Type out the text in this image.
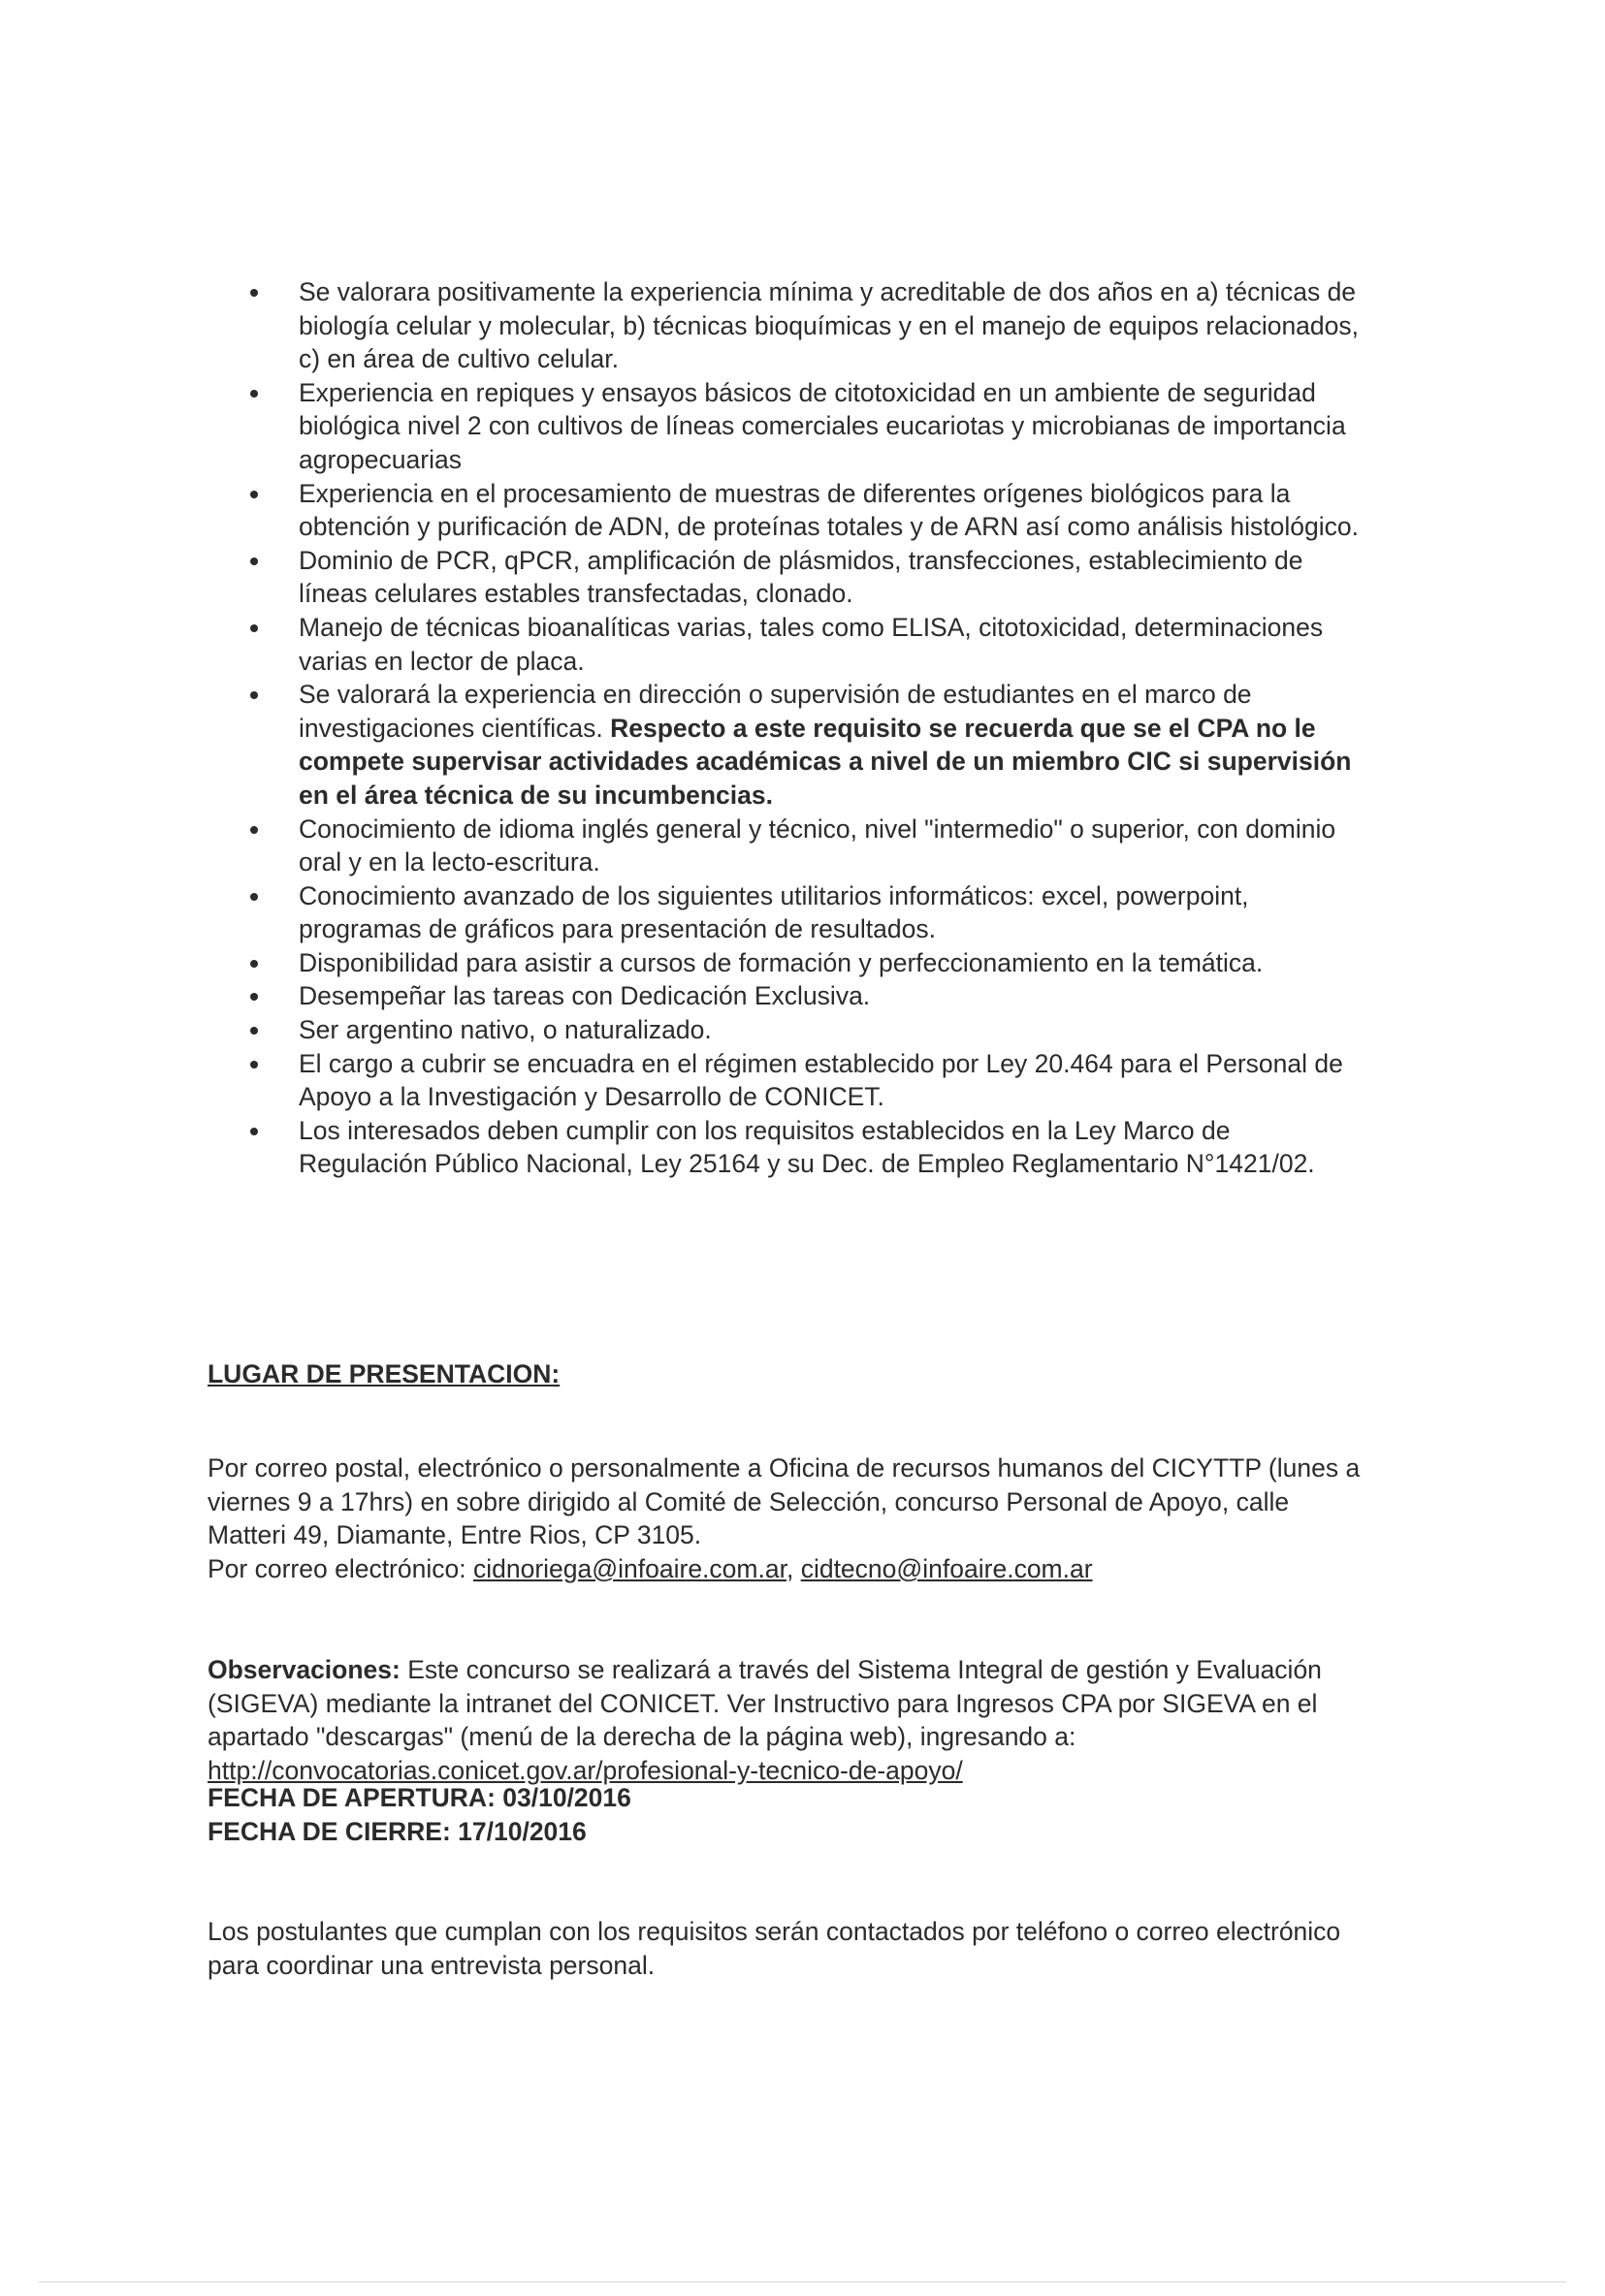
Se valorara positivamente la experiencia mínima y acreditable de dos años en a) técnicas de biología celular y molecular, b) técnicas bioquímicas y en el manejo de equipos relacionados, c) en área de cultivo celular.
Experiencia en repiques y ensayos básicos de citotoxicidad en un ambiente de seguridad biológica nivel 2 con cultivos de líneas comerciales eucariotas y microbianas de importancia agropecuarias
Experiencia en el procesamiento de muestras de diferentes orígenes biológicos para la obtención y purificación de ADN, de proteínas totales y de ARN así como análisis histológico.
Dominio de PCR, qPCR, amplificación de plásmidos, transfecciones, establecimiento de líneas celulares estables transfectadas, clonado.
Manejo de técnicas bioanalíticas varias, tales como ELISA, citotoxicidad, determinaciones varias en lector de placa.
Se valorará la experiencia en dirección o supervisión de estudiantes en el marco de investigaciones científicas. Respecto a este requisito se recuerda que se el CPA no le compete supervisar actividades académicas a nivel de un miembro CIC si supervisión en el área técnica de su incumbencias.
Conocimiento de idioma inglés general y técnico, nivel "intermedio" o superior, con dominio oral y en la lecto-escritura.
Conocimiento avanzado de los siguientes utilitarios informáticos: excel, powerpoint, programas de gráficos para presentación de resultados.
Disponibilidad para asistir a cursos de formación y perfeccionamiento en la temática.
Desempeñar las tareas con Dedicación Exclusiva.
Ser argentino nativo, o naturalizado.
El cargo a cubrir se encuadra en el régimen establecido por Ley 20.464 para el Personal de Apoyo a la Investigación y Desarrollo de CONICET.
Los interesados deben cumplir con los requisitos establecidos en la Ley Marco de Regulación Público Nacional, Ley 25164 y su Dec. de Empleo Reglamentario N°1421/02.
LUGAR DE PRESENTACION:

Por correo postal, electrónico o personalmente a Oficina de recursos humanos del CICYTTP (lunes a viernes 9 a 17hrs) en sobre dirigido al Comité de Selección, concurso Personal de Apoyo, calle Matteri 49, Diamante, Entre Rios, CP 3105.
Por correo electrónico: cidnoriega@infoaire.com.ar, cidtecno@infoaire.com.ar

Observaciones: Este concurso se realizará a través del Sistema Integral de gestión y Evaluación (SIGEVA) mediante la intranet del CONICET. Ver Instructivo para Ingresos CPA por SIGEVA en el apartado "descargas" (menú de la derecha de la página web), ingresando a: http://convocatorias.conicet.gov.ar/profesional-y-tecnico-de-apoyo/

FECHA DE APERTURA: 03/10/2016
FECHA DE CIERRE: 17/10/2016

Los postulantes que cumplan con los requisitos serán contactados por teléfono o correo electrónico para coordinar una entrevista personal.
